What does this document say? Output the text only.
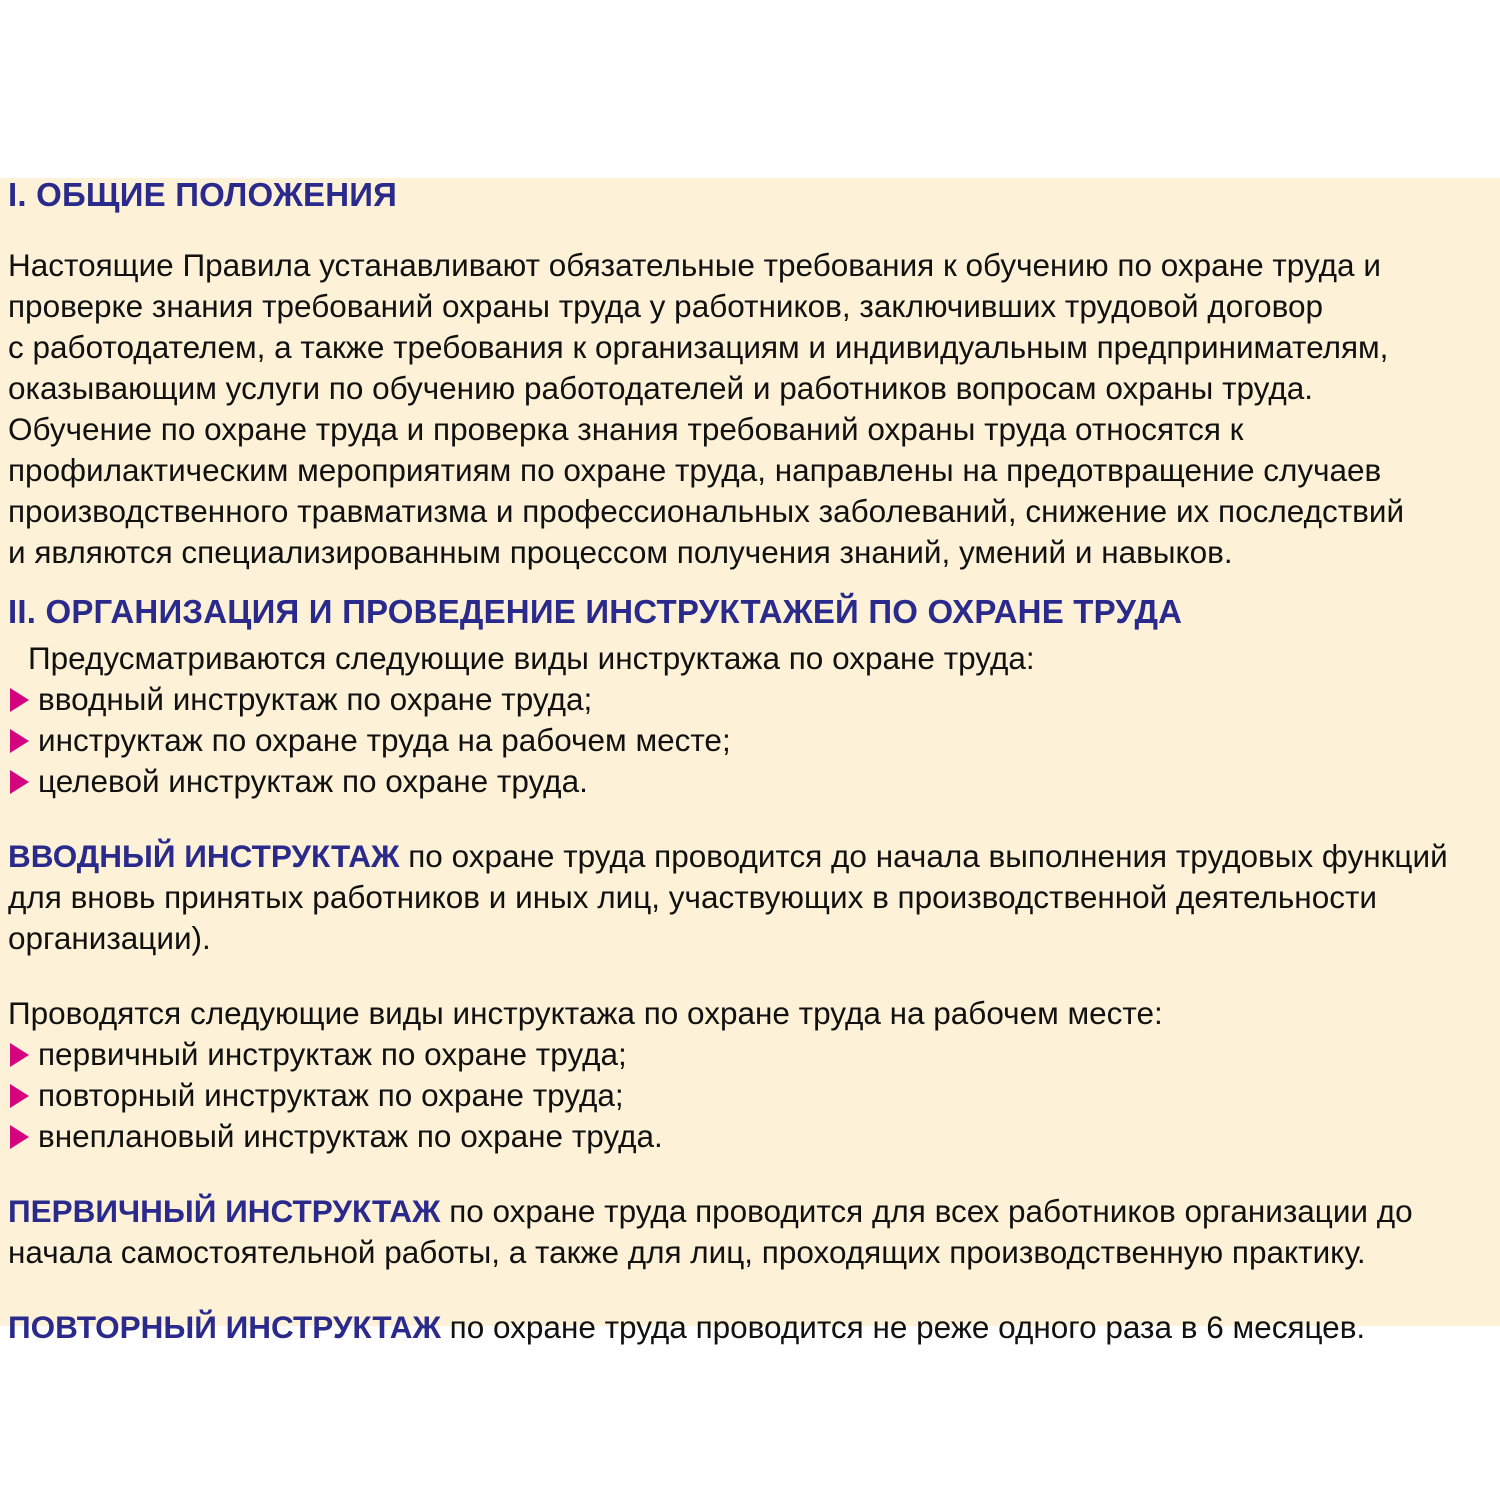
I. ОБЩИЕ ПОЛОЖЕНИЯ
Настоящие Правила устанавливают обязательные требования к обучению по охране труда и
проверке знания требований охраны труда у работников, заключивших трудовой договор
с работодателем, а также требования к организациям и индивидуальным предпринимателям,
оказывающим услуги по обучению работодателей и работников вопросам охраны труда.
Обучение по охране труда и проверка знания требований охраны труда относятся к
профилактическим мероприятиям по охране труда, направлены на предотвращение случаев
производственного травматизма и профессиональных заболеваний, снижение их последствий
и являются специализированным процессом получения знаний, умений и навыков.
II. ОРГАНИЗАЦИЯ И ПРОВЕДЕНИЕ ИНСТРУКТАЖЕЙ ПО ОХРАНЕ ТРУДА
Предусматриваются следующие виды инструктажа по охране труда:
вводный инструктаж по охране труда;
инструктаж по охране труда на рабочем месте;
целевой инструктаж по охране труда.
ВВОДНЫЙ ИНСТРУКТАЖ по охране труда проводится до начала выполнения трудовых функций
для вновь принятых работников и иных лиц, участвующих в производственной деятельности
организации).
Проводятся следующие виды инструктажа по охране труда на рабочем месте:
первичный инструктаж по охране труда;
повторный инструктаж по охране труда;
внеплановый инструктаж по охране труда.
ПЕРВИЧНЫЙ ИНСТРУКТАЖ по охране труда проводится для всех работников организации до
начала самостоятельной работы, а также для лиц, проходящих производственную практику.
ПОВТОРНЫЙ ИНСТРУКТАЖ по охране труда проводится не реже одного раза в 6 месяцев.
